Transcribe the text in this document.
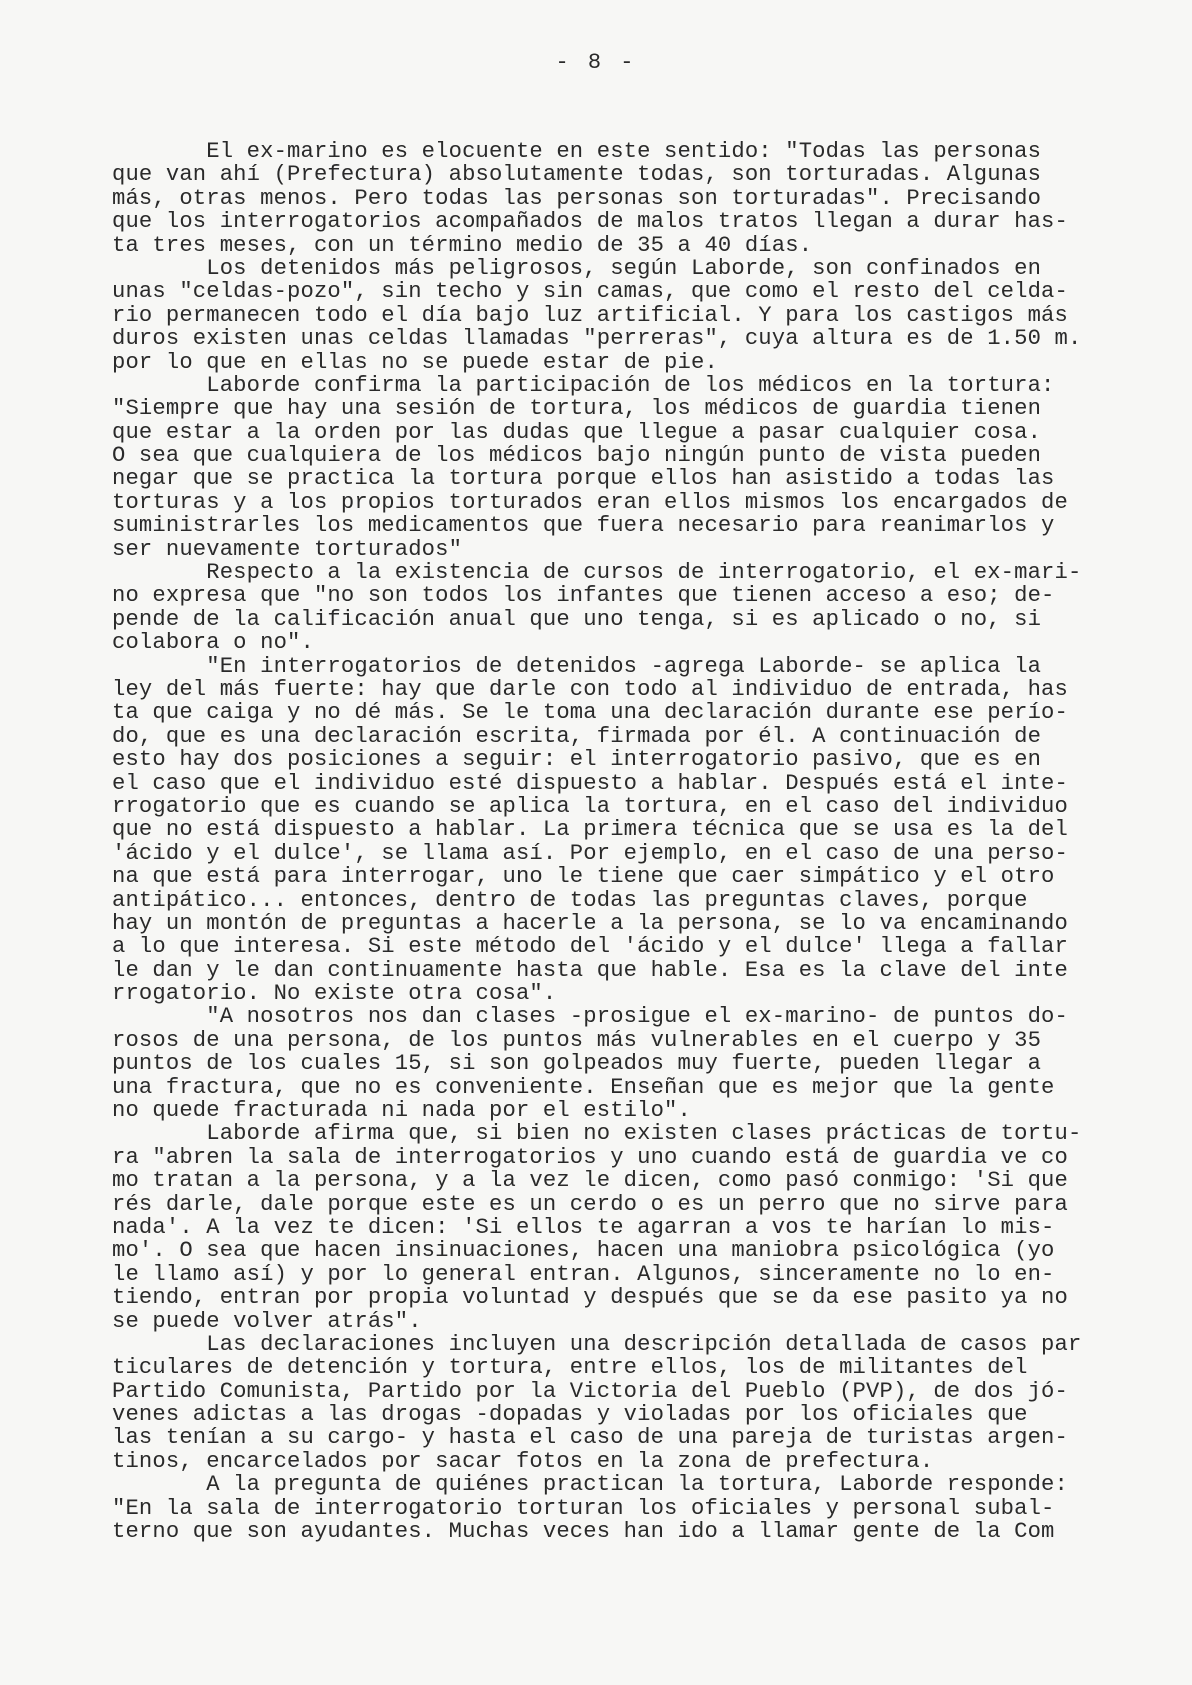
- 8 -
El ex-marino es elocuente en este sentido: "Todas las personas
que van ahí (Prefectura) absolutamente todas, son torturadas. Algunas
más, otras menos. Pero todas las personas son torturadas". Precisando
que los interrogatorios acompañados de malos tratos llegan a durar has-
ta tres meses, con un término medio de 35 a 40 días.
Los detenidos más peligrosos, según Laborde, son confinados en
unas "celdas-pozo", sin techo y sin camas, que como el resto del celda-
rio permanecen todo el día bajo luz artificial. Y para los castigos más
duros existen unas celdas llamadas "perreras", cuya altura es de 1.50 m.
por lo que en ellas no se puede estar de pie.
Laborde confirma la participación de los médicos en la tortura:
"Siempre que hay una sesión de tortura, los médicos de guardia tienen
que estar a la orden por las dudas que llegue a pasar cualquier cosa.
O sea que cualquiera de los médicos bajo ningún punto de vista pueden
negar que se practica la tortura porque ellos han asistido a todas las
torturas y a los propios torturados eran ellos mismos los encargados de
suministrarles los medicamentos que fuera necesario para reanimarlos y
ser nuevamente torturados"
Respecto a la existencia de cursos de interrogatorio, el ex-mari-
no expresa que "no son todos los infantes que tienen acceso a eso; de-
pende de la calificación anual que uno tenga, si es aplicado o no, si
colabora o no".
"En interrogatorios de detenidos -agrega Laborde- se aplica la
ley del más fuerte: hay que darle con todo al individuo de entrada, has
ta que caiga y no dé más. Se le toma una declaración durante ese perío-
do, que es una declaración escrita, firmada por él. A continuación de
esto hay dos posiciones a seguir: el interrogatorio pasivo, que es en
el caso que el individuo esté dispuesto a hablar. Después está el inte-
rrogatorio que es cuando se aplica la tortura, en el caso del individuo
que no está dispuesto a hablar. La primera técnica que se usa es la del
'ácido y el dulce', se llama así. Por ejemplo, en el caso de una perso-
na que está para interrogar, uno le tiene que caer simpático y el otro
antipático... entonces, dentro de todas las preguntas claves, porque
hay un montón de preguntas a hacerle a la persona, se lo va encaminando
a lo que interesa. Si este método del 'ácido y el dulce' llega a fallar
le dan y le dan continuamente hasta que hable. Esa es la clave del inte
rrogatorio. No existe otra cosa".
"A nosotros nos dan clases -prosigue el ex-marino- de puntos do-
rosos de una persona, de los puntos más vulnerables en el cuerpo y 35
puntos de los cuales 15, si son golpeados muy fuerte, pueden llegar a
una fractura, que no es conveniente. Enseñan que es mejor que la gente
no quede fracturada ni nada por el estilo".
Laborde afirma que, si bien no existen clases prácticas de tortu-
ra "abren la sala de interrogatorios y uno cuando está de guardia ve co
mo tratan a la persona, y a la vez le dicen, como pasó conmigo: 'Si que
rés darle, dale porque este es un cerdo o es un perro que no sirve para
nada'. A la vez te dicen: 'Si ellos te agarran a vos te harían lo mis-
mo'. O sea que hacen insinuaciones, hacen una maniobra psicológica (yo
le llamo así) y por lo general entran. Algunos, sinceramente no lo en-
tiendo, entran por propia voluntad y después que se da ese pasito ya no
se puede volver atrás".
Las declaraciones incluyen una descripción detallada de casos par
ticulares de detención y tortura, entre ellos, los de militantes del
Partido Comunista, Partido por la Victoria del Pueblo (PVP), de dos jó-
venes adictas a las drogas -dopadas y violadas por los oficiales que
las tenían a su cargo- y hasta el caso de una pareja de turistas argen-
tinos, encarcelados por sacar fotos en la zona de prefectura.
A la pregunta de quiénes practican la tortura, Laborde responde:
"En la sala de interrogatorio torturan los oficiales y personal subal-
terno que son ayudantes. Muchas veces han ido a llamar gente de la Com
